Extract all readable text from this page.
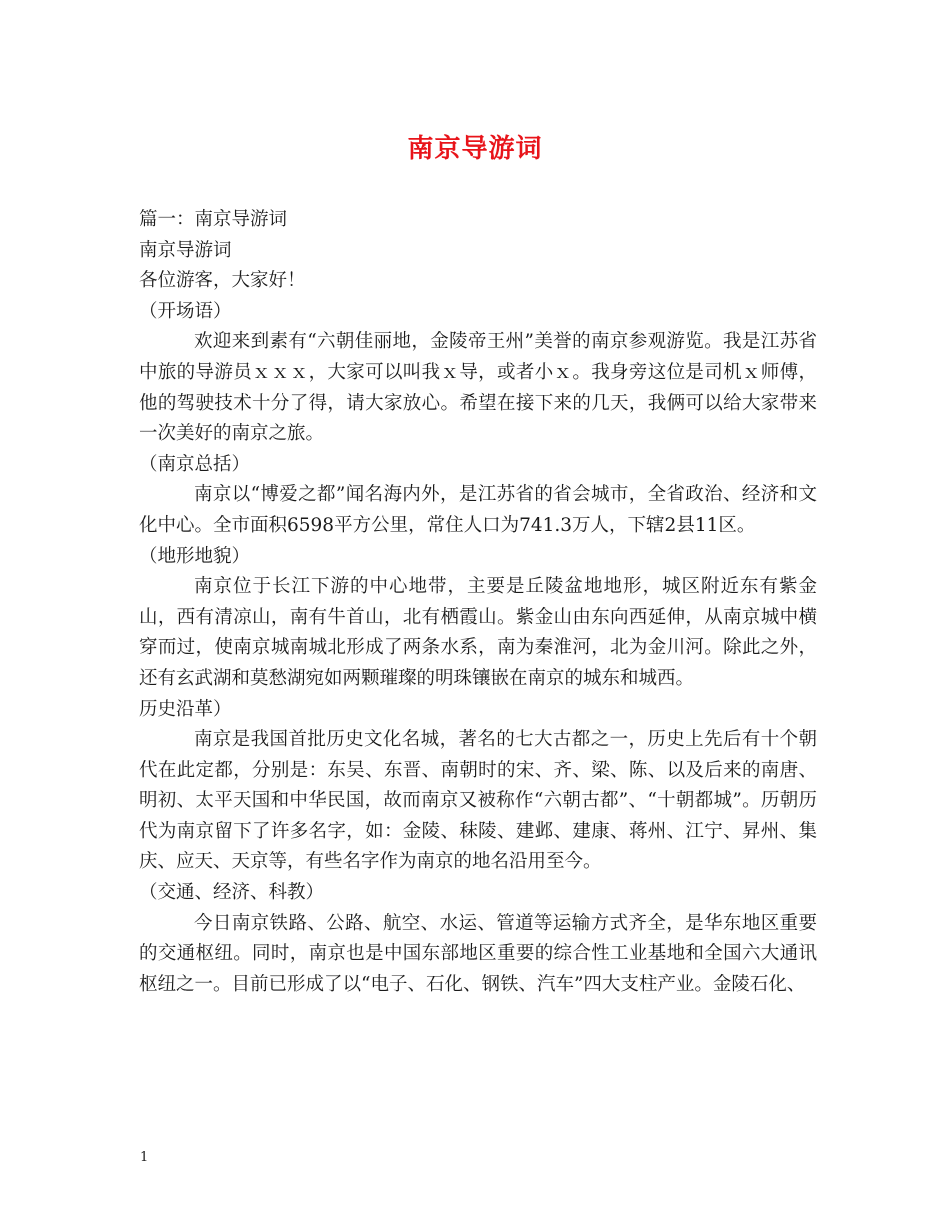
南京导游词

篇一：南京导游词

南京导游词

各位游客，大家好！

（开场语）

欢迎来到素有“六朝佳丽地，金陵帝王州”美誉的南京参观游览。我是江苏省中旅的导游员ｘｘｘ，大家可以叫我ｘ导，或者小ｘ。我身旁这位是司机ｘ师傅，他的驾驶技术十分了得，请大家放心。希望在接下来的几天，我俩可以给大家带来一次美好的南京之旅。

（南京总括）

南京以“博爱之都”闻名海内外，是江苏省的省会城市，全省政治、经济和文化中心。全市面积6598平方公里，常住人口为741.3万人，下辖2县11区。

（地形地貌）

南京位于长江下游的中心地带，主要是丘陵盆地地形，城区附近东有紫金山，西有清凉山，南有牛首山，北有栖霞山。紫金山由东向西延伸，从南京城中横穿而过，使南京城南城北形成了两条水系，南为秦淮河，北为金川河。除此之外，还有玄武湖和莫愁湖宛如两颗璀璨的明珠镶嵌在南京的城东和城西。

历史沿革）

南京是我国首批历史文化名城，著名的七大古都之一，历史上先后有十个朝代在此定都，分别是：东吴、东晋、南朝时的宋、齐、梁、陈、以及后来的南唐、明初、太平天国和中华民国，故而南京又被称作“六朝古都”、“十朝都城”。历朝历代为南京留下了许多名字，如：金陵、秣陵、建邺、建康、蒋州、江宁、昇州、集庆、应天、天京等，有些名字作为南京的地名沿用至今。

（交通、经济、科教）

今日南京铁路、公路、航空、水运、管道等运输方式齐全，是华东地区重要的交通枢纽。同时，南京也是中国东部地区重要的综合性工业基地和全国六大通讯枢纽之一。目前已形成了以“电子、石化、钢铁、汽车”四大支柱产业。金陵石化、

1
